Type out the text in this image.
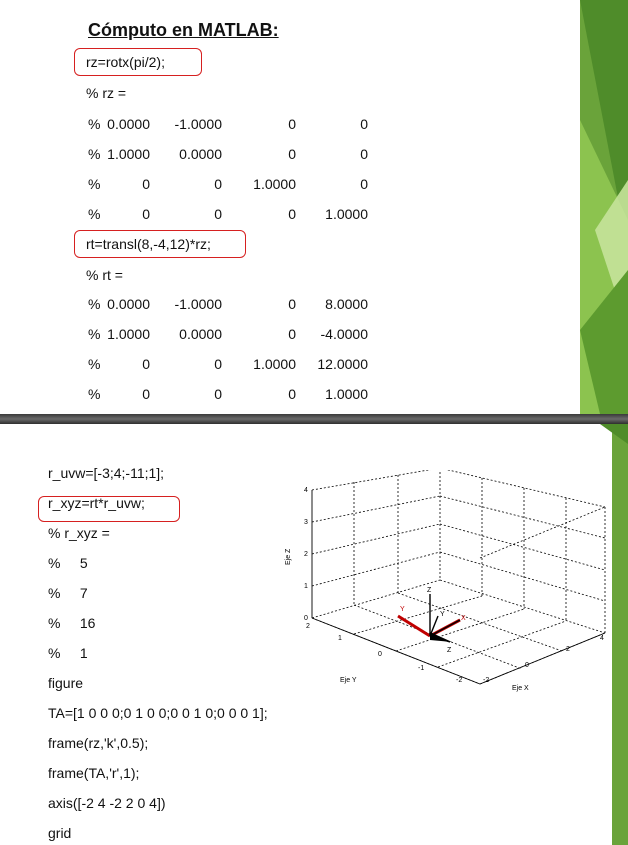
Cómputo en MATLAB:
rz=rotx(pi/2);
% rz =
% 0.0000 -1.0000	0	0
% 1.0000 0.0000	0	0
%	0	0 1.0000	0
%	0	0	0 1.0000
rt=transl(8,-4,12)*rz;
% rt =
% 0.0000 -1.0000	0 8.0000
% 1.0000 0.0000	0 -4.0000
%	0	0 1.0000 12.0000
%	0	0	0 1.0000
r_uvw=[-3;4;-11;1];
r_xyz=rt*r_uvw;
% r_xyz =
%     5
%     7
%     16
%     1
figure
TA=[1 0 0 0;0 1 0 0;0 0 1 0;0 0 0 1];
frame(rz,'k',0.5);
frame(TA,'r',1);
axis([-2 4 -2 2 0 4])
grid
Y
X
Z
Y
Z
0
1
2
3
4
2
1
0
-1
-2	-2
0
2
4
Eje Z
Eje Y
Eje X
